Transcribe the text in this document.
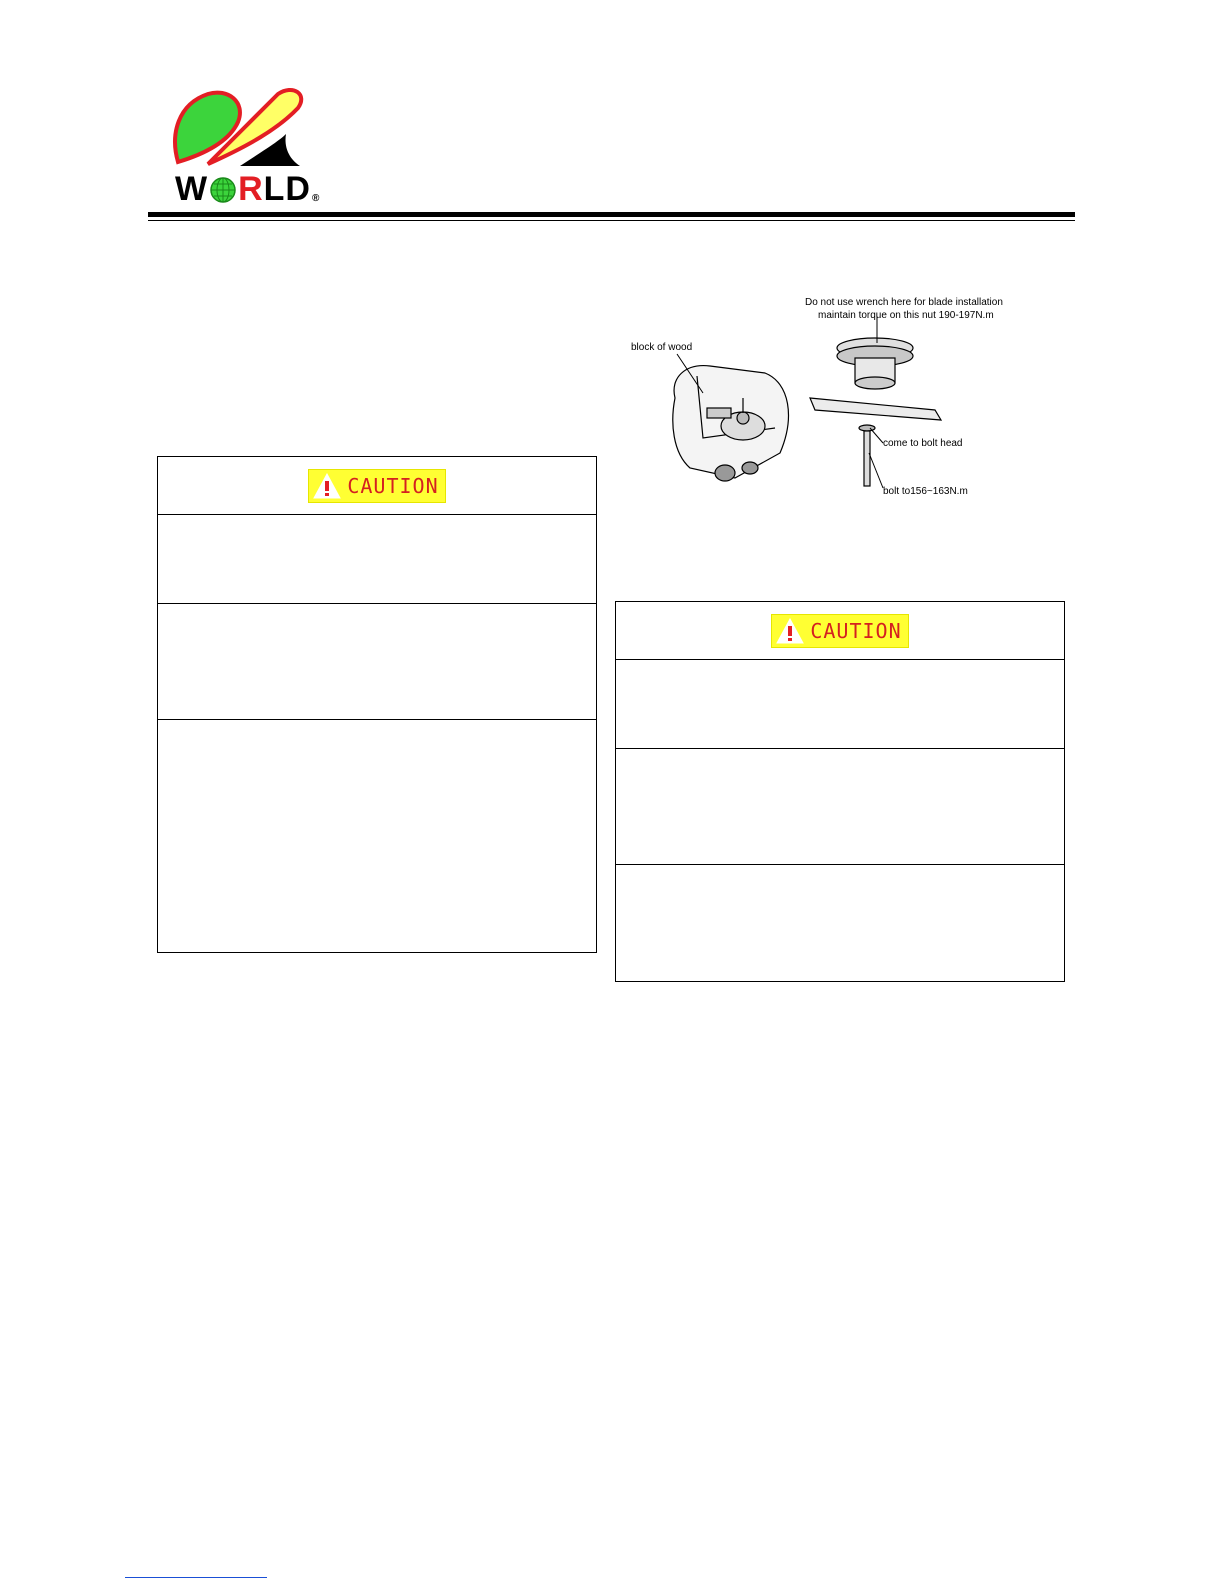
W RLD ®
CAUTION
block of wood
Do not use wrench here for blade installation
maintain torque on this nut 190-197N.m
come to bolt head
bolt to156~163N.m
CAUTION
